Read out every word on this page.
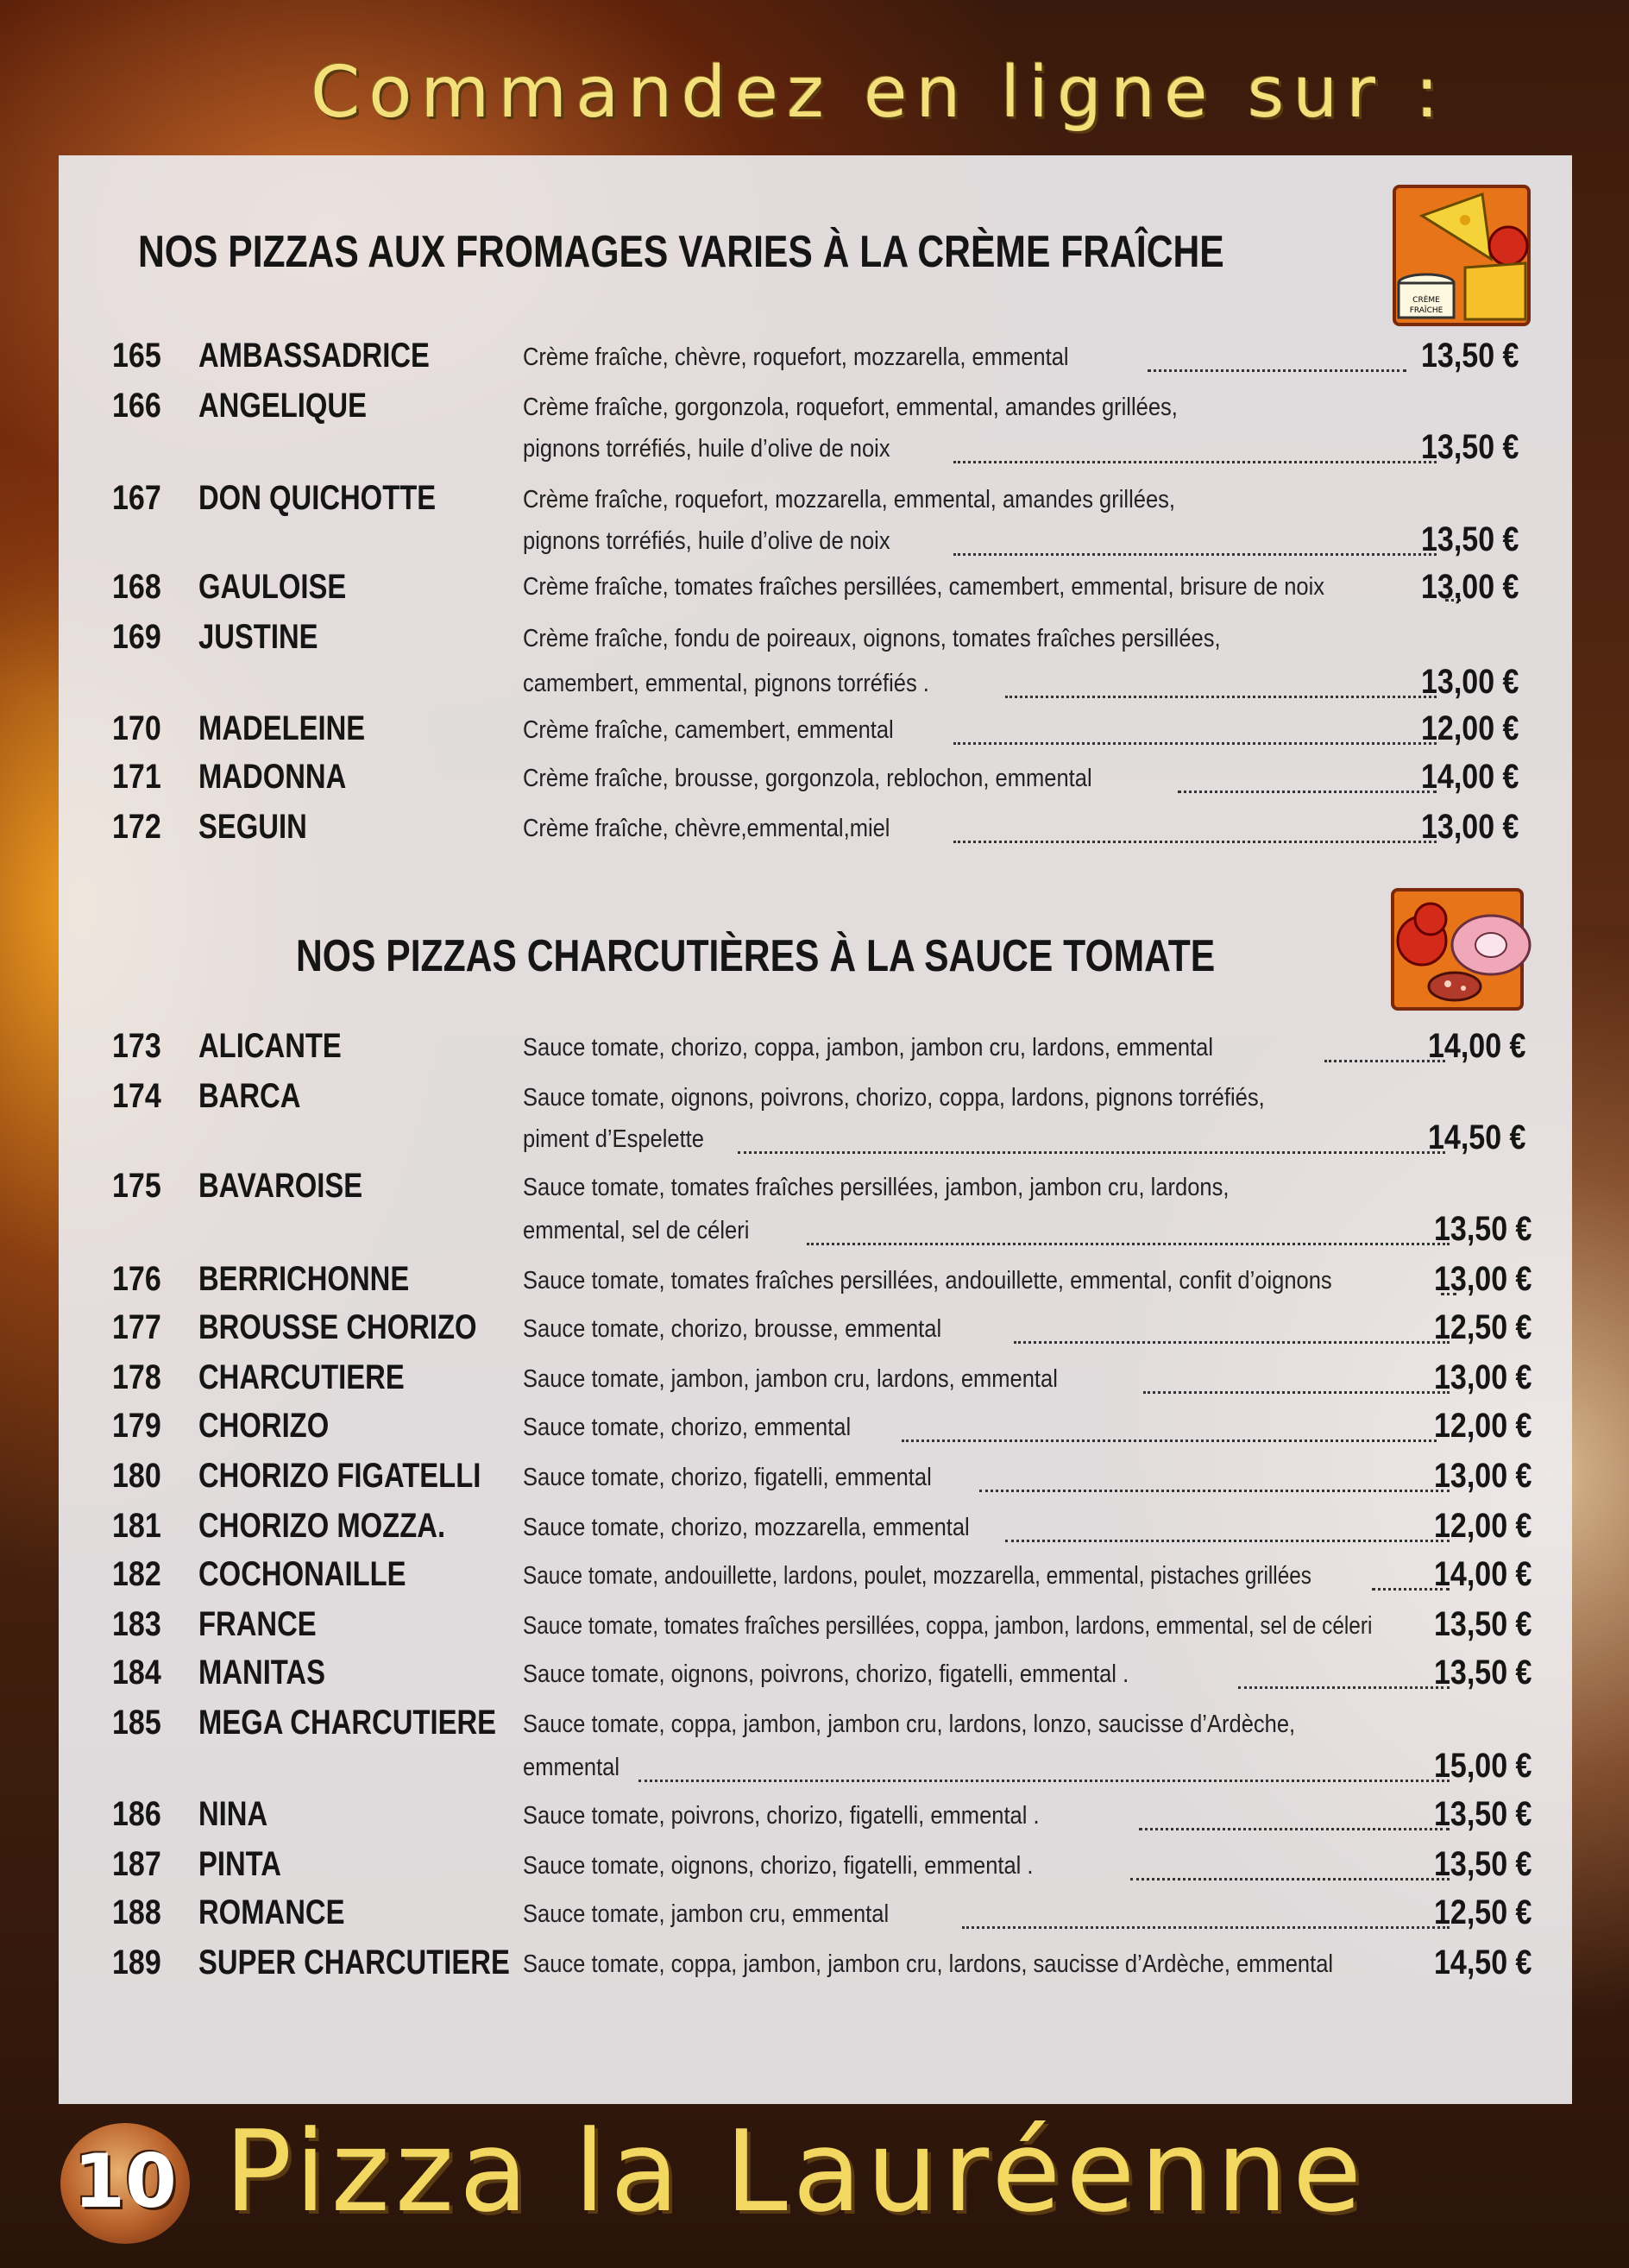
Commandez en ligne sur :
NOS PIZZAS AUX FROMAGES VARIES À LA CRÈME FRAÎCHE
CRÈME
FRAÎCHE
165 AMBASSADRICE	Crème fraîche, chèvre, roquefort, mozzarella, emmental	13,50 €
166 ANGELIQUE	Crème fraîche, gorgonzola, roquefort, emmental, amandes grillées,
pignons torréfiés, huile d’olive de noix	13,50 €
167 DON QUICHOTTE	Crème fraîche, roquefort, mozzarella, emmental, amandes grillées,
pignons torréfiés, huile d’olive de noix	13,50 €
168 GAULOISE	Crème fraîche, tomates fraîches persillées, camembert, emmental, brisure de noix	13,00 €
169 JUSTINE	Crème fraîche, fondu de poireaux, oignons, tomates fraîches persillées,
camembert, emmental, pignons torréfiés .	13,00 €
170 MADELEINE	Crème fraîche, camembert, emmental	12,00 €
171 MADONNA	Crème fraîche, brousse, gorgonzola, reblochon, emmental	14,00 €
172 SEGUIN	Crème fraîche, chèvre,emmental,miel	13,00 €
NOS PIZZAS CHARCUTIÈRES À LA SAUCE TOMATE
173 ALICANTE	Sauce tomate, chorizo, coppa, jambon, jambon cru, lardons, emmental	14,00 €
174 BARCA	Sauce tomate, oignons, poivrons, chorizo, coppa, lardons, pignons torréfiés,
piment d’Espelette	14,50 €
175 BAVAROISE	Sauce tomate, tomates fraîches persillées, jambon, jambon cru, lardons,
emmental, sel de céleri	13,50 €
176 BERRICHONNE	Sauce tomate, tomates fraîches persillées, andouillette, emmental, confit d’oignons	13,00 €
177 BROUSSE CHORIZO Sauce tomate, chorizo, brousse, emmental	12,50 €
178 CHARCUTIERE	Sauce tomate, jambon, jambon cru, lardons, emmental	13,00 €
179 CHORIZO	Sauce tomate, chorizo, emmental	12,00 €
180 CHORIZO FIGATELLI Sauce tomate, chorizo, figatelli, emmental	13,00 €
181 CHORIZO MOZZA.	Sauce tomate, chorizo, mozzarella, emmental	12,00 €
182 COCHONAILLE	Sauce tomate, andouillette, lardons, poulet, mozzarella, emmental, pistaches grillées	14,00 €
183 FRANCE	Sauce tomate, tomates fraîches persillées, coppa, jambon, lardons, emmental, sel de céleri 13,50 €
184 MANITAS	Sauce tomate, oignons, poivrons, chorizo, figatelli, emmental .	13,50 €
185 MEGA CHARCUTIERE Sauce tomate, coppa, jambon, jambon cru, lardons, lonzo, saucisse d’Ardèche,
emmental	15,00 €
186 NINA	Sauce tomate, poivrons, chorizo, figatelli, emmental .	13,50 €
187 PINTA	Sauce tomate, oignons, chorizo, figatelli, emmental .	13,50 €
188 ROMANCE	Sauce tomate, jambon cru, emmental	12,50 €
189 SUPER CHARCUTIERE Sauce tomate, coppa, jambon, jambon cru, lardons, saucisse d’Ardèche, emmental	14,50 €
10 Pizza la Lauréenne
